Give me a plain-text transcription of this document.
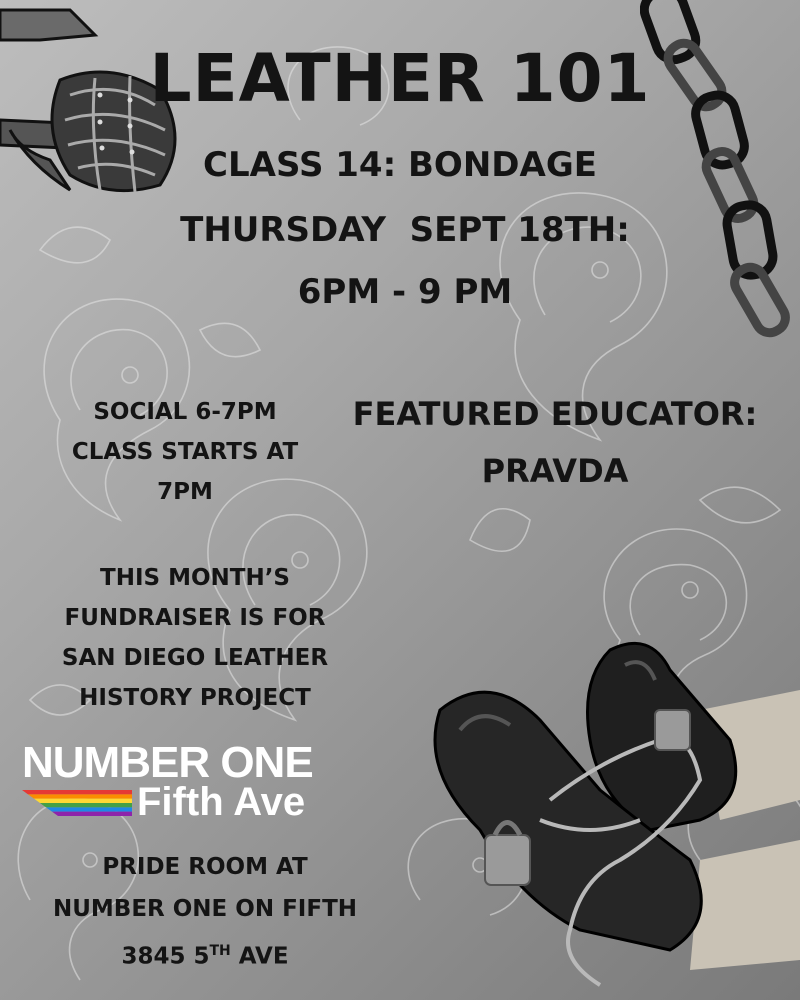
LEATHER 101
CLASS 14: BONDAGE
THURSDAY  SEPT 18TH:
6PM - 9 PM
SOCIAL 6-7PM
CLASS STARTS AT
7PM
FEATURED EDUCATOR:
PRAVDA
THIS MONTH’S
FUNDRAISER IS FOR
SAN DIEGO LEATHER
HISTORY PROJECT
NUMBER ONE
Fifth Ave
PRIDE ROOM AT
NUMBER ONE ON FIFTH
3845 5TH AVE
